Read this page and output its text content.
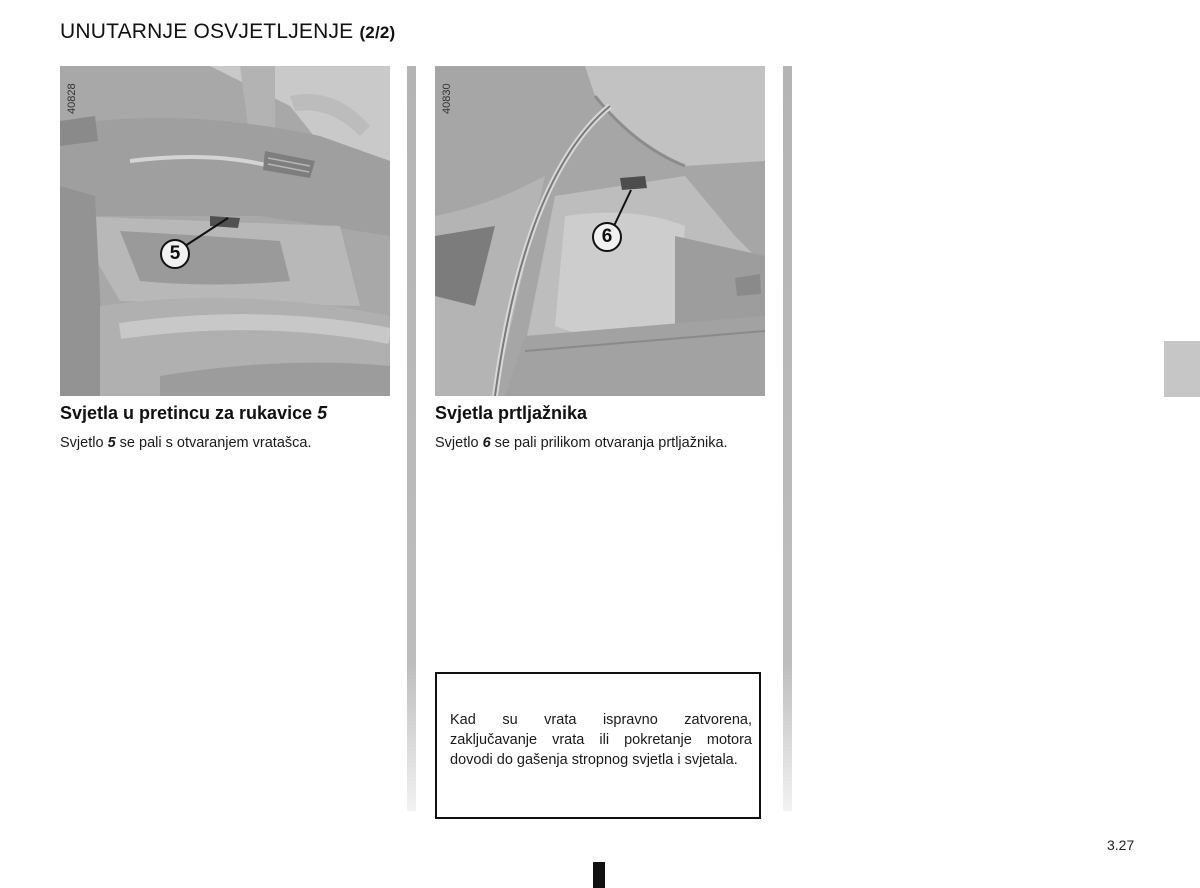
UNUTARNJE OSVJETLJENJE (2/2)
40828
5
40830
6
Svjetla u pretincu za rukavice 5
Svjetlo 5 se pali s otvaranjem vratašca.
Svjetla prtljažnika
Svjetlo 6 se pali prilikom otvaranja prtljažnika.
Kad su vrata ispravno zatvorena, zaključavanje vrata ili pokretanje motora dovodi do gašenja stropnog svjetla i svjetala.
3.27
